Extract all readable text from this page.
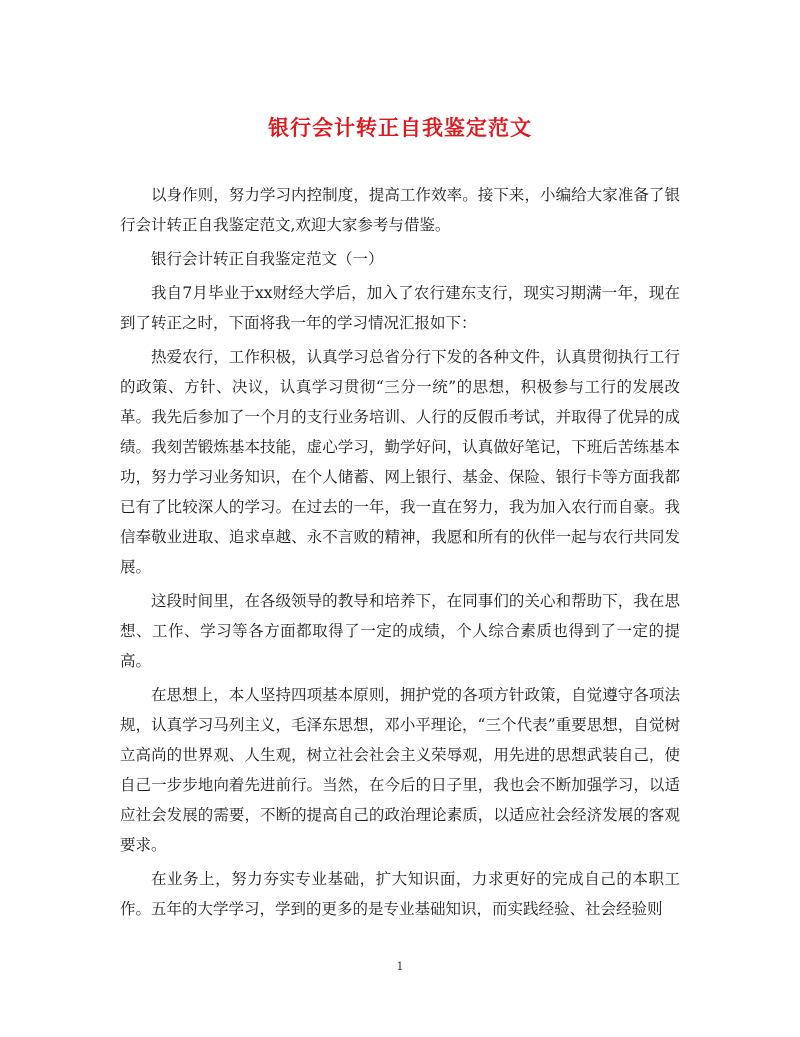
银行会计转正自我鉴定范文

以身作则，努力学习内控制度，提高工作效率。接下来，小编给大家准备了银行会计转正自我鉴定范文,欢迎大家参考与借鉴。

银行会计转正自我鉴定范文（一）

我自7月毕业于xx财经大学后，加入了农行建东支行，现实习期满一年，现在到了转正之时，下面将我一年的学习情况汇报如下：

热爱农行，工作积极，认真学习总省分行下发的各种文件，认真贯彻执行工行的政策、方针、决议，认真学习贯彻“三分一统”的思想，积极参与工行的发展改革。我先后参加了一个月的支行业务培训、人行的反假币考试，并取得了优异的成绩。我刻苦锻炼基本技能，虚心学习，勤学好问，认真做好笔记，下班后苦练基本功，努力学习业务知识，在个人储蓄、网上银行、基金、保险、银行卡等方面我都已有了比较深人的学习。在过去的一年，我一直在努力，我为加入农行而自豪。我信奉敬业进取、追求卓越、永不言败的精神，我愿和所有的伙伴一起与农行共同发展。

这段时间里，在各级领导的教导和培养下，在同事们的关心和帮助下，我在思想、工作、学习等各方面都取得了一定的成绩，个人综合素质也得到了一定的提高。

在思想上，本人坚持四项基本原则，拥护党的各项方针政策，自觉遵守各项法规，认真学习马列主义，毛泽东思想，邓小平理论，“三个代表”重要思想，自觉树立高尚的世界观、人生观，树立社会社会主义荣辱观，用先进的思想武装自己，使自己一步步地向着先进前行。当然，在今后的日子里，我也会不断加强学习，以适应社会发展的需要，不断的提高自己的政治理论素质，以适应社会经济发展的客观要求。

在业务上，努力夯实专业基础，扩大知识面，力求更好的完成自己的本职工作。五年的大学学习，学到的更多的是专业基础知识，而实践经验、社会经验则

1
